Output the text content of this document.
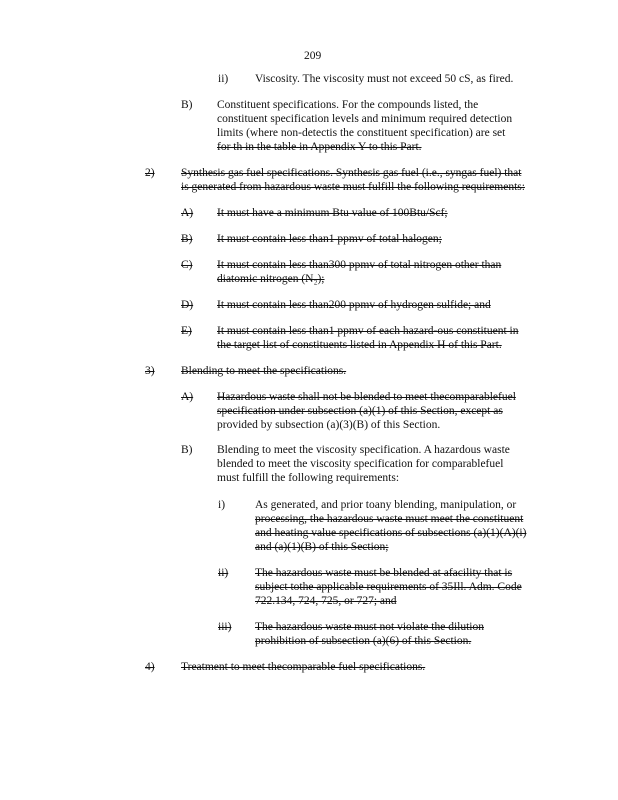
209
ii)	Viscosity. The viscosity must not exceed 50 cS, as fired.
B)	Constituent specifications. For the compounds listed, the
constituent specification levels and minimum required detection
limits (where non-detectis the constituent specification) are set
for th in the table in Appendix Y to this Part.
2)	Synthesis gas fuel specifications. Synthesis gas fuel (i.e., syngas fuel) that
is generated from hazardous waste must fulfill the following requirements:
A)	It must have a minimum Btu value of 100Btu/Scf;
B)	It must contain less than1 ppmv of total halogen;
C)	It must contain less than300 ppmv of total nitrogen other than
diatomic nitrogen (N₂);
D)	It must contain less than200 ppmv of hydrogen sulfide; and
E)	It must contain less than1 ppmv of each hazard-ous constituent in
the target list of constituents listed in Appendix H of this Part.
3)	Blending to meet the specifications.
A)	Hazardous waste shall not be blended to meet thecomparablefuel
specification under subsection (a)(1) of this Section, except as
provided by subsection (a)(3)(B) of this Section.
B)	Blending to meet the viscosity specification. A hazardous waste
blended to meet the viscosity specification for comparablefuel
must fulfill the following requirements:
i)	As generated, and prior toany blending, manipulation, or
processing, the hazardous waste must meet the constituent
and heating value specifications of subsections (a)(1)(A)(i)
and (a)(1)(B) of this Section;
ii)	The hazardous waste must be blended at afacility that is
subject tothe applicable requirements of 35Ill. Adm. Code
722.134, 724, 725, or 727; and
iii)	The hazardous waste must not violate the dilution
prohibition of subsection (a)(6) of this Section.
4)	Treatment to meet thecomparable fuel specifications.
